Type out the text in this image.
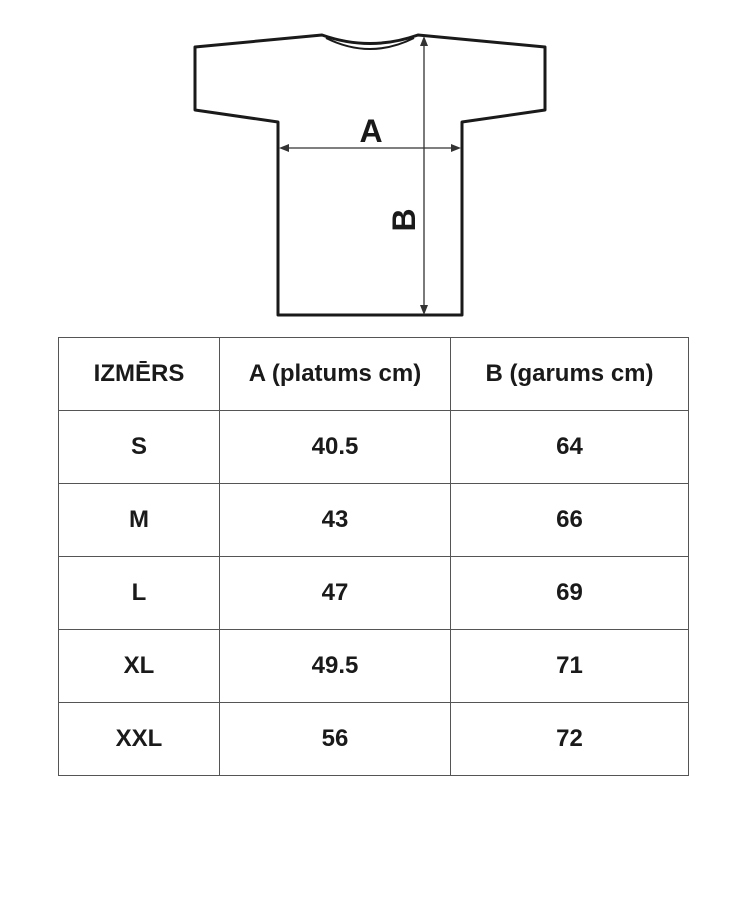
A
B
IZMĒRS	A (platums cm)	B (garums cm)
S	40.5	64
M	43	66
L	47	69
XL	49.5	71
XXL	56	72
